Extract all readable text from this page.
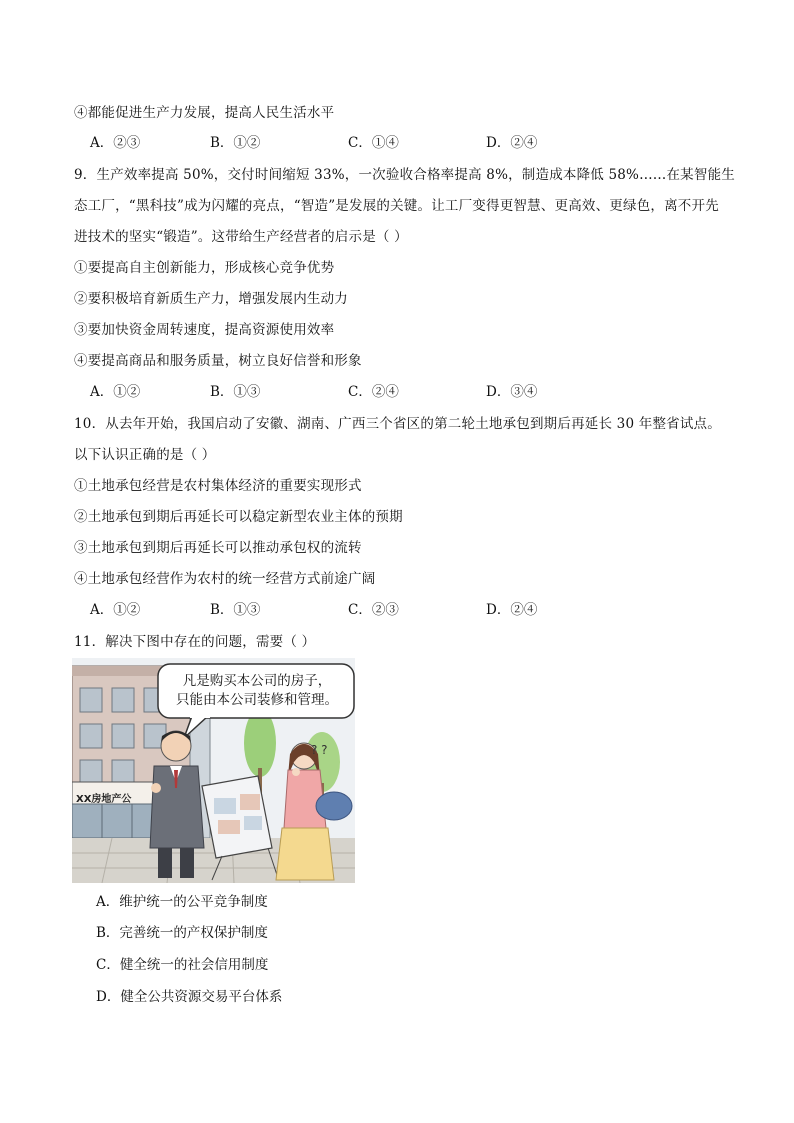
④都能促进生产力发展，提高人民生活水平
A．②③	B．①②	C．①④	D．②④
9．生产效率提高 50%，交付时间缩短 33%，一次验收合格率提高 8%，制造成本降低 58%……在某智能生
态工厂，“黑科技”成为闪耀的亮点，“智造”是发展的关键。让工厂变得更智慧、更高效、更绿色，离不开先
进技术的坚实“锻造”。这带给生产经营者的启示是（ ）
①要提高自主创新能力，形成核心竞争优势
②要积极培育新质生产力，增强发展内生动力
③要加快资金周转速度，提高资源使用效率
④要提高商品和服务质量，树立良好信誉和形象
A．①②	B．①③	C．②④	D．③④
10．从去年开始，我国启动了安徽、湖南、广西三个省区的第二轮土地承包到期后再延长 30 年整省试点。
以下认识正确的是（ ）
①土地承包经营是农村集体经济的重要实现形式
②土地承包到期后再延长可以稳定新型农业主体的预期
③土地承包到期后再延长可以推动承包权的流转
④土地承包经营作为农村的统一经营方式前途广阔
A．①②	B．①③	C．②③	D．②④
11．解决下图中存在的问题，需要（ ）
凡是购买本公司的房子，
只能由本公司装修和管理。
XX房地产公
? ?
A．维护统一的公平竞争制度
B．完善统一的产权保护制度
C．健全统一的社会信用制度
D．健全公共资源交易平台体系
